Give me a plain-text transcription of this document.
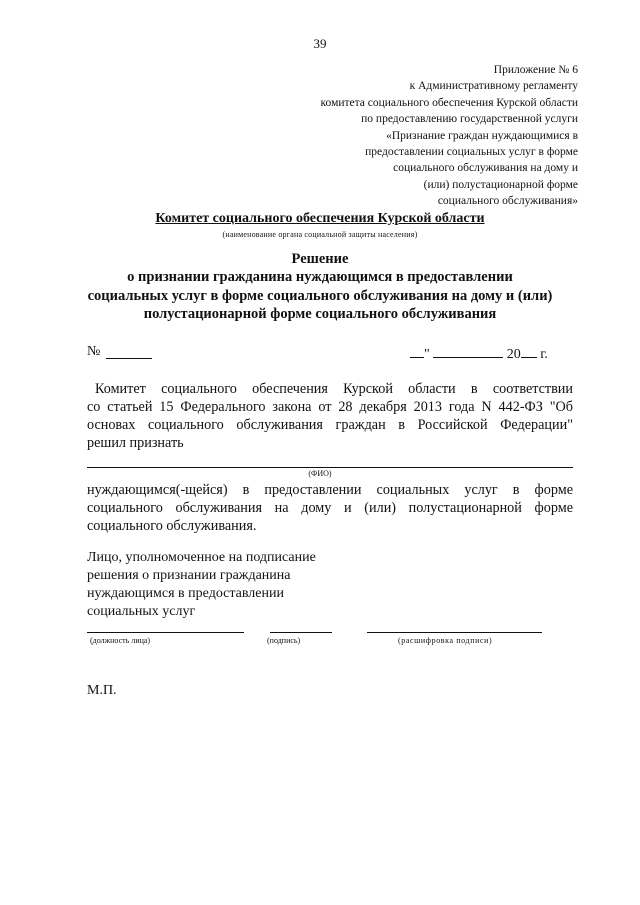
39
Приложение № 6
к Административному регламенту
комитета социального обеспечения Курской области
по предоставлению государственной услуги
«Признание граждан нуждающимися в
предоставлении социальных услуг в форме
социального обслуживания на дому и
(или) полустационарной форме
социального обслуживания»
Комитет социального обеспечения Курской области
(наименование органа социальной защиты населения)
Решение
о признании гражданина нуждающимся в предоставлении
социальных услуг в форме социального обслуживания на дому и (или)
полустационарной форме социального обслуживания
№	"	20 г.
Комитет социального обеспечения Курской области в соответствии
со статьей 15 Федерального закона от 28 декабря 2013 года N 442-ФЗ "Об
основах социального обслуживания граждан в Российской Федерации"
решил признать
(ФИО)
нуждающимся(-щейся) в предоставлении социальных услуг в форме
социального обслуживания на дому и (или) полустационарной форме
социального обслуживания.
Лицо, уполномоченное на подписание
решения о признании гражданина
нуждающимся в предоставлении
социальных услуг
(должность лица)	(подпись)	(расшифровка подписи)
М.П.
